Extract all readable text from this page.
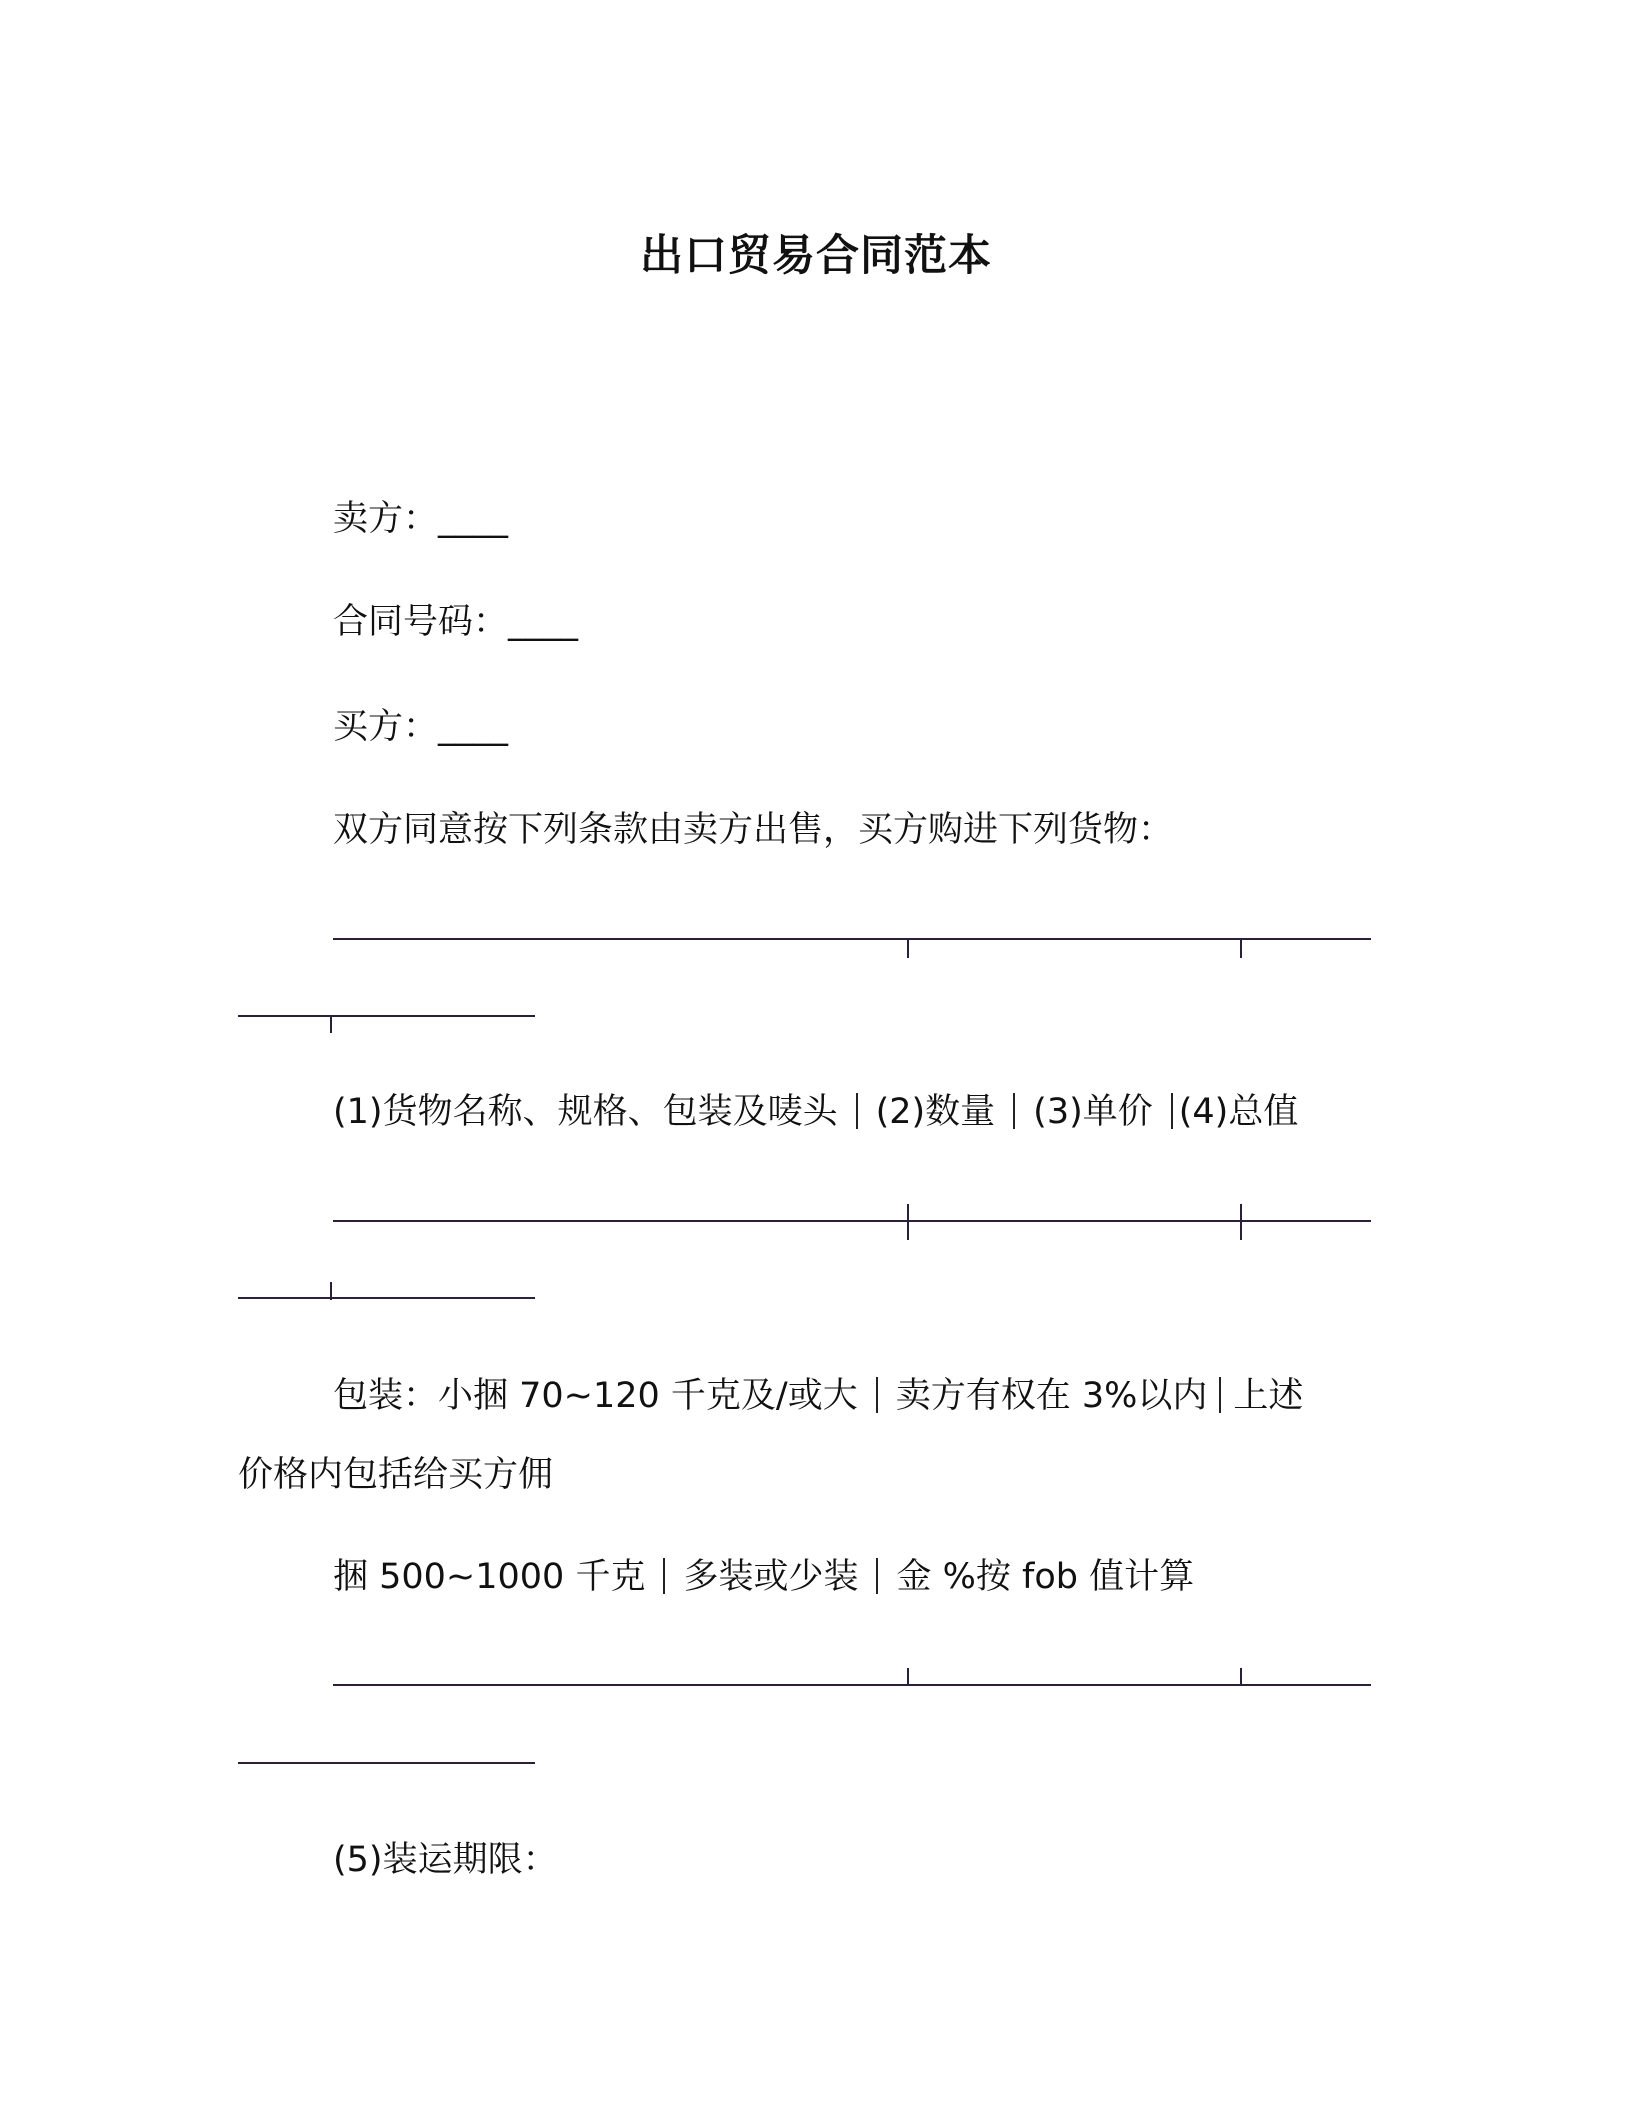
出口贸易合同范本
卖方：____
合同号码：____
买方：____
双方同意按下列条款由卖方出售，买方购进下列货物：
(1)货物名称、规格、包装及唛头 (2)数量 (3)单价 (4)总值
包装：小捆 70~120 千克及/或大 卖方有权在 3%以内 上述
价格内包括给买方佣
捆 500~1000 千克 多装或少装 金 %按 fob 值计算
(5)装运期限：
